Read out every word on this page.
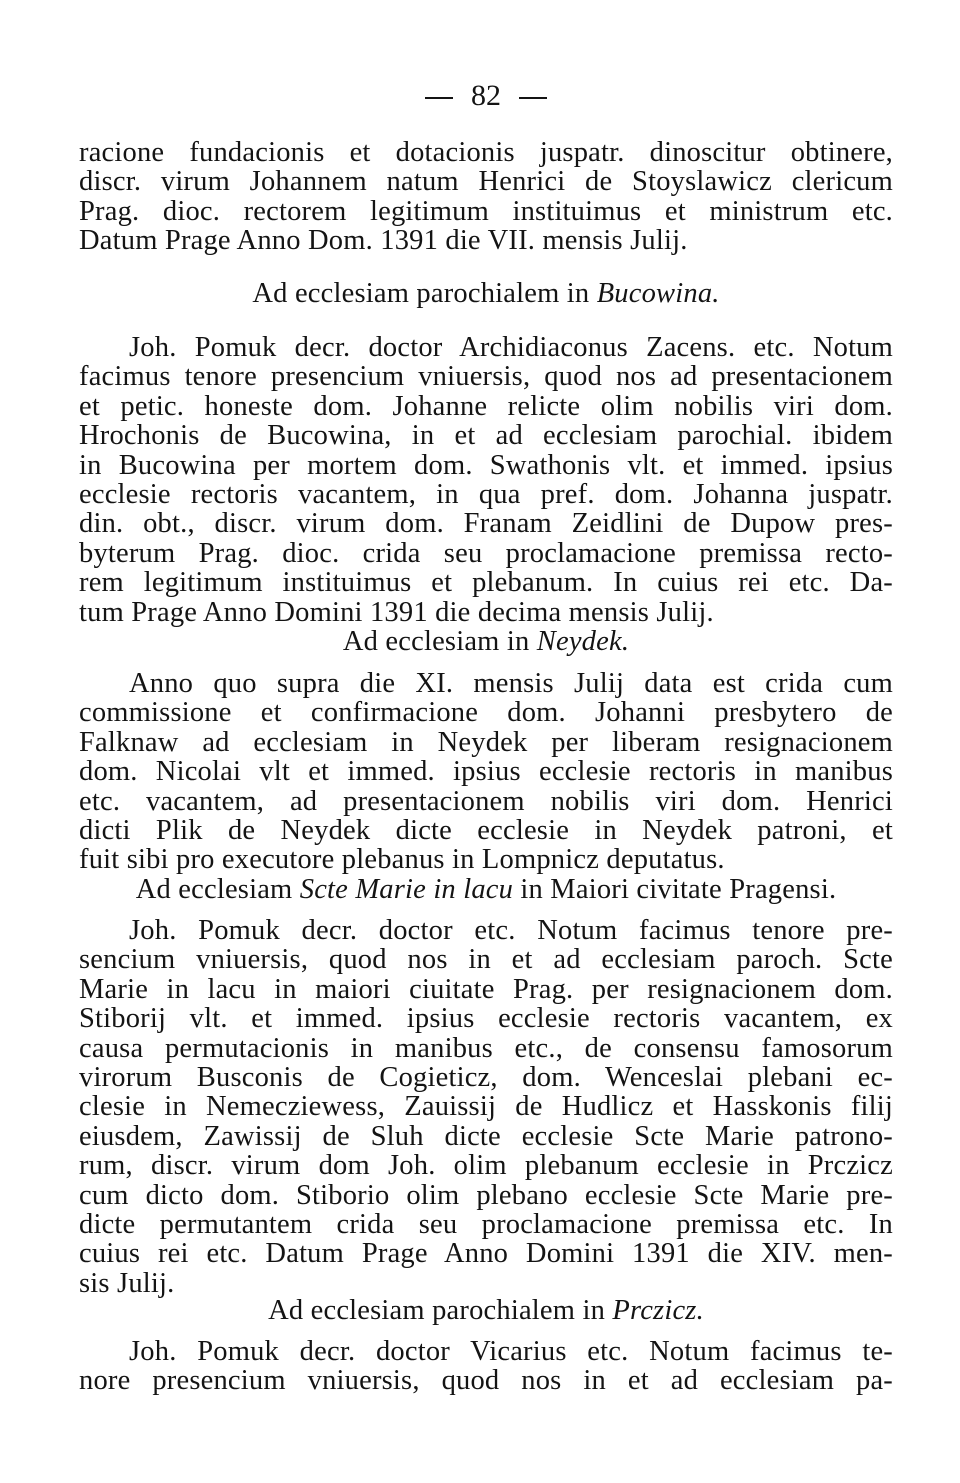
82
racione fundacionis et dotacionis juspatr. dinoscitur obtinere,
discr. virum Johannem natum Henrici de Stoyslawicz clericum
Prag. dioc. rectorem legitimum instituimus et ministrum etc.
Datum Prage Anno Dom. 1391 die VII. mensis Julij.
Ad ecclesiam parochialem in Bucowina.
Joh. Pomuk decr. doctor Archidiaconus Zacens. etc. Notum
facimus tenore presencium vniuersis, quod nos ad presentacionem
et petic. honeste dom. Johanne relicte olim nobilis viri dom.
Hrochonis de Bucowina, in et ad ecclesiam parochial. ibidem
in Bucowina per mortem dom. Swathonis vlt. et immed. ipsius
ecclesie rectoris vacantem, in qua pref. dom. Johanna juspatr.
din. obt., discr. virum dom. Franam Zeidlini de Dupow pres-
byterum Prag. dioc. crida seu proclamacione premissa recto-
rem legitimum instituimus et plebanum. In cuius rei etc. Da-
tum Prage Anno Domini 1391 die decima mensis Julij.
Ad ecclesiam in Neydek.
Anno quo supra die XI. mensis Julij data est crida cum
commissione et confirmacione dom. Johanni presbytero de
Falknaw ad ecclesiam in Neydek per liberam resignacionem
dom. Nicolai vlt et immed. ipsius ecclesie rectoris in manibus
etc. vacantem, ad presentacionem nobilis viri dom. Henrici
dicti Plik de Neydek dicte ecclesie in Neydek patroni, et
fuit sibi pro executore plebanus in Lompnicz deputatus.
Ad ecclesiam Scte Marie in lacu in Maiori civitate Pragensi.
Joh. Pomuk decr. doctor etc. Notum facimus tenore pre-
sencium vniuersis, quod nos in et ad ecclesiam paroch. Scte
Marie in lacu in maiori ciuitate Prag. per resignacionem dom.
Stiborij vlt. et immed. ipsius ecclesie rectoris vacantem, ex
causa permutacionis in manibus etc., de consensu famosorum
virorum Busconis de Cogieticz, dom. Wenceslai plebani ec-
clesie in Nemecziewess, Zauissij de Hudlicz et Hasskonis filij
eiusdem, Zawissij de Sluh dicte ecclesie Scte Marie patrono-
rum, discr. virum dom Joh. olim plebanum ecclesie in Prczicz
cum dicto dom. Stiborio olim plebano ecclesie Scte Marie pre-
dicte permutantem crida seu proclamacione premissa etc. In
cuius rei etc. Datum Prage Anno Domini 1391 die XIV. men-
sis Julij.
Ad ecclesiam parochialem in Prczicz.
Joh. Pomuk decr. doctor Vicarius etc. Notum facimus te-
nore presencium vniuersis, quod nos in et ad ecclesiam pa-
